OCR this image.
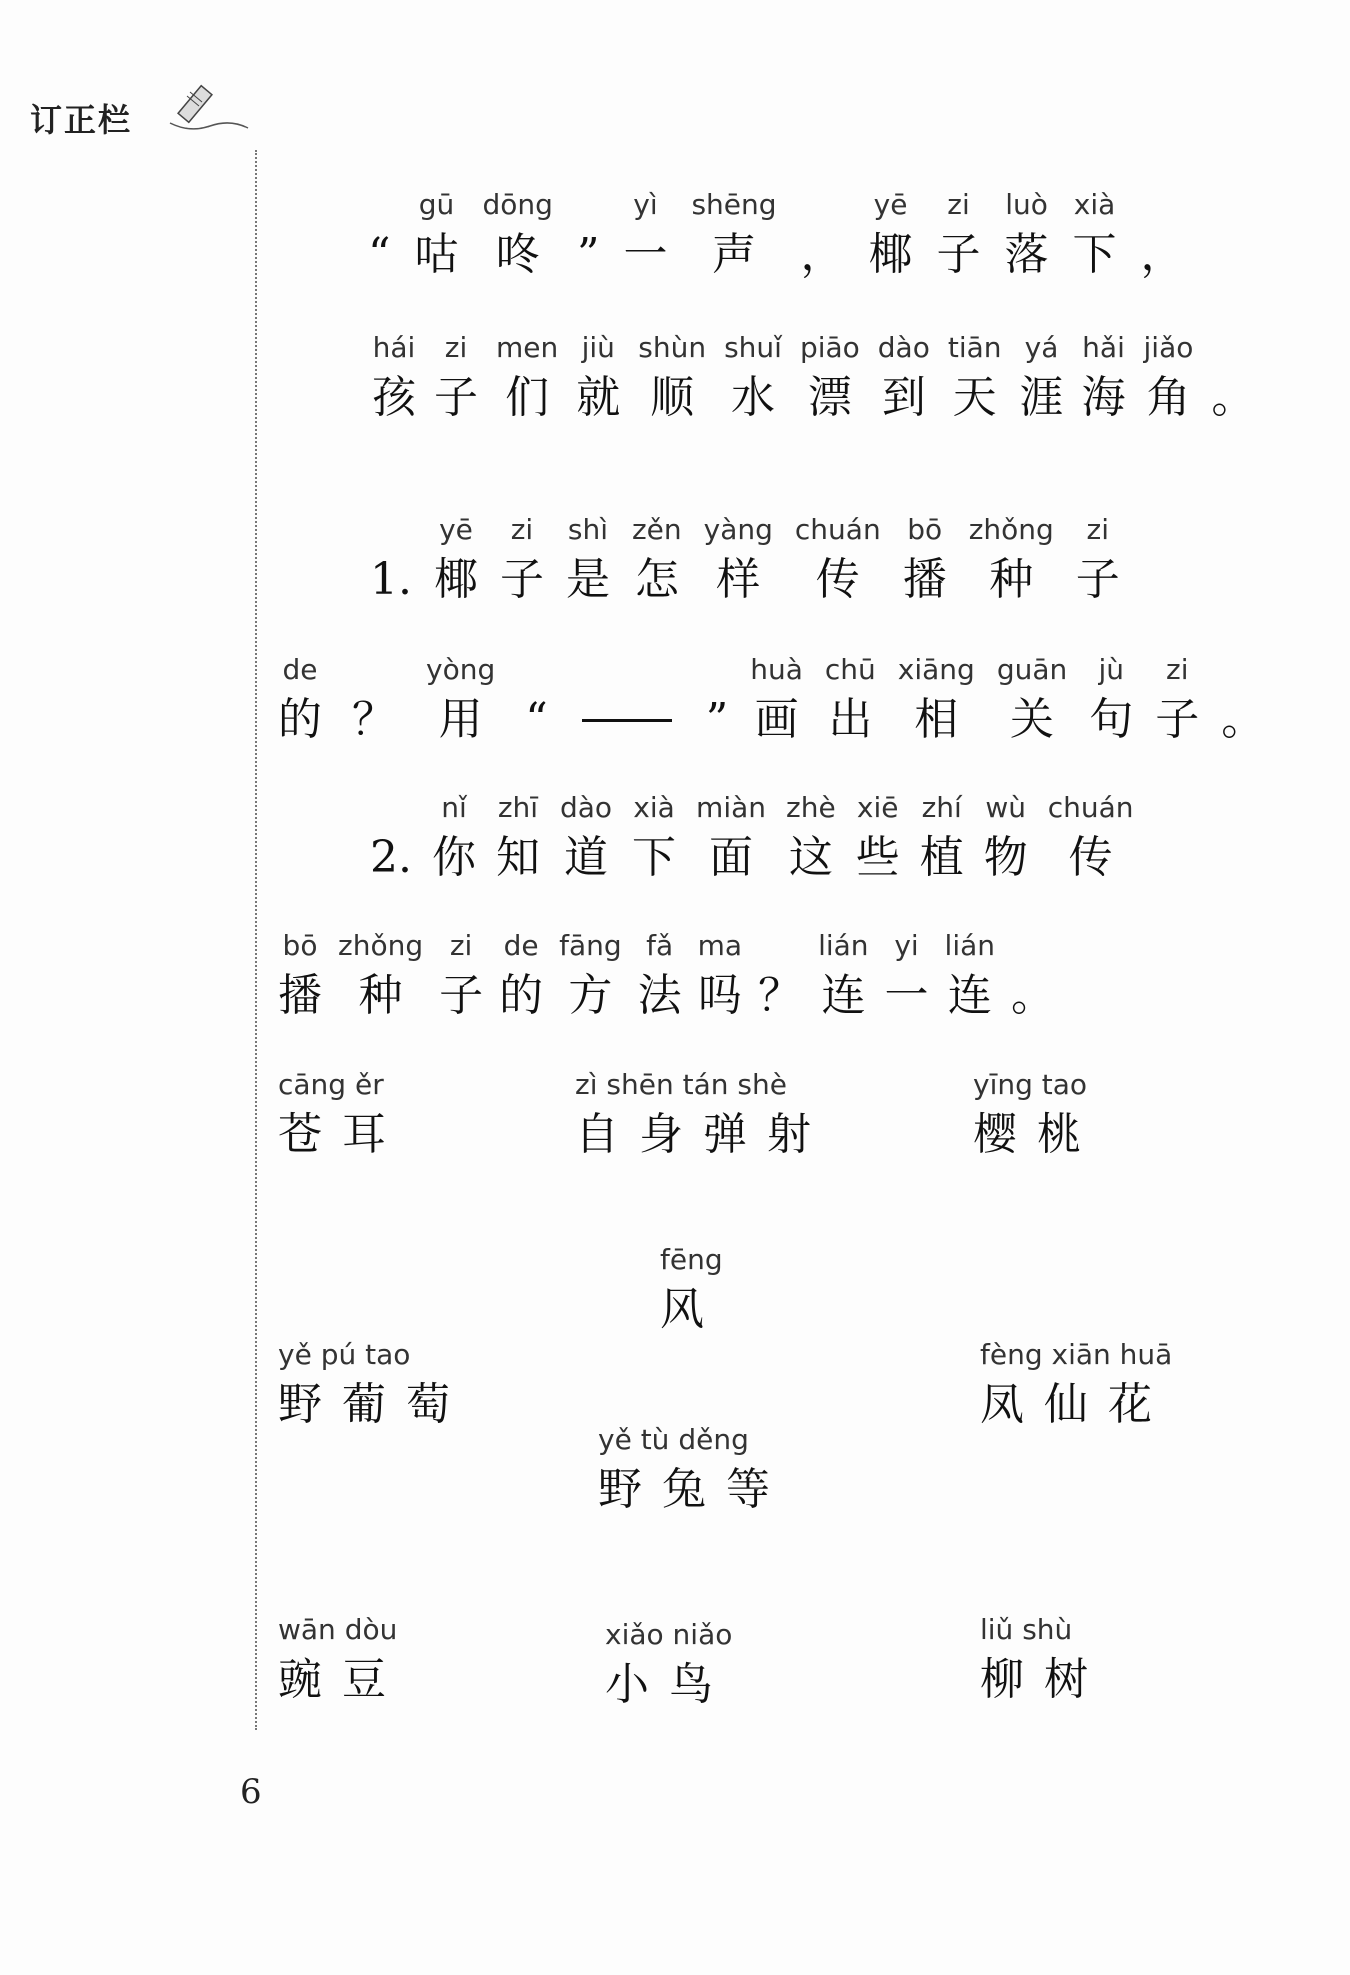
订正栏
“
gū
咕
dōng
咚 ”
yì
一
shēng
声 ，
yē
椰
zi
子
luò
落
xià
下 ，
hái
孩
zi
子
men
们
jiù
就
shùn
顺
shuǐ
水
piāo
漂
dào
到
tiān
天
yá
涯
hǎi
海
jiǎo
角 。
1.
yē
椰
zi
子
shì
是
zěn
怎
yàng
样
chuán
传
bō
播
zhǒng
种
zi
子
de
的 ？
yòng
用 “	”
huà
画
chū
出
xiāng
相
guān
关
jù
句
zi
子 。
2.
nǐ
你
zhī
知
dào
道
xià
下
miàn
面
zhè
这
xiē
些
zhí
植
wù
物
chuán
传
bō
播
zhǒng
种
zi
子
de
的
fāng
方
fǎ
法
ma
吗 ？
lián
连
yi
一
lián
连 。
cāng ěr
苍耳
zì shēn tán shè
自身弹射
yīng tao
樱桃
fēng
风
yě pú tao
野葡萄
fèng xiān huā
凤仙花
yě tù děng
野兔等
wān dòu
豌豆
xiǎo niǎo
小鸟
liǔ shù
柳树
6
